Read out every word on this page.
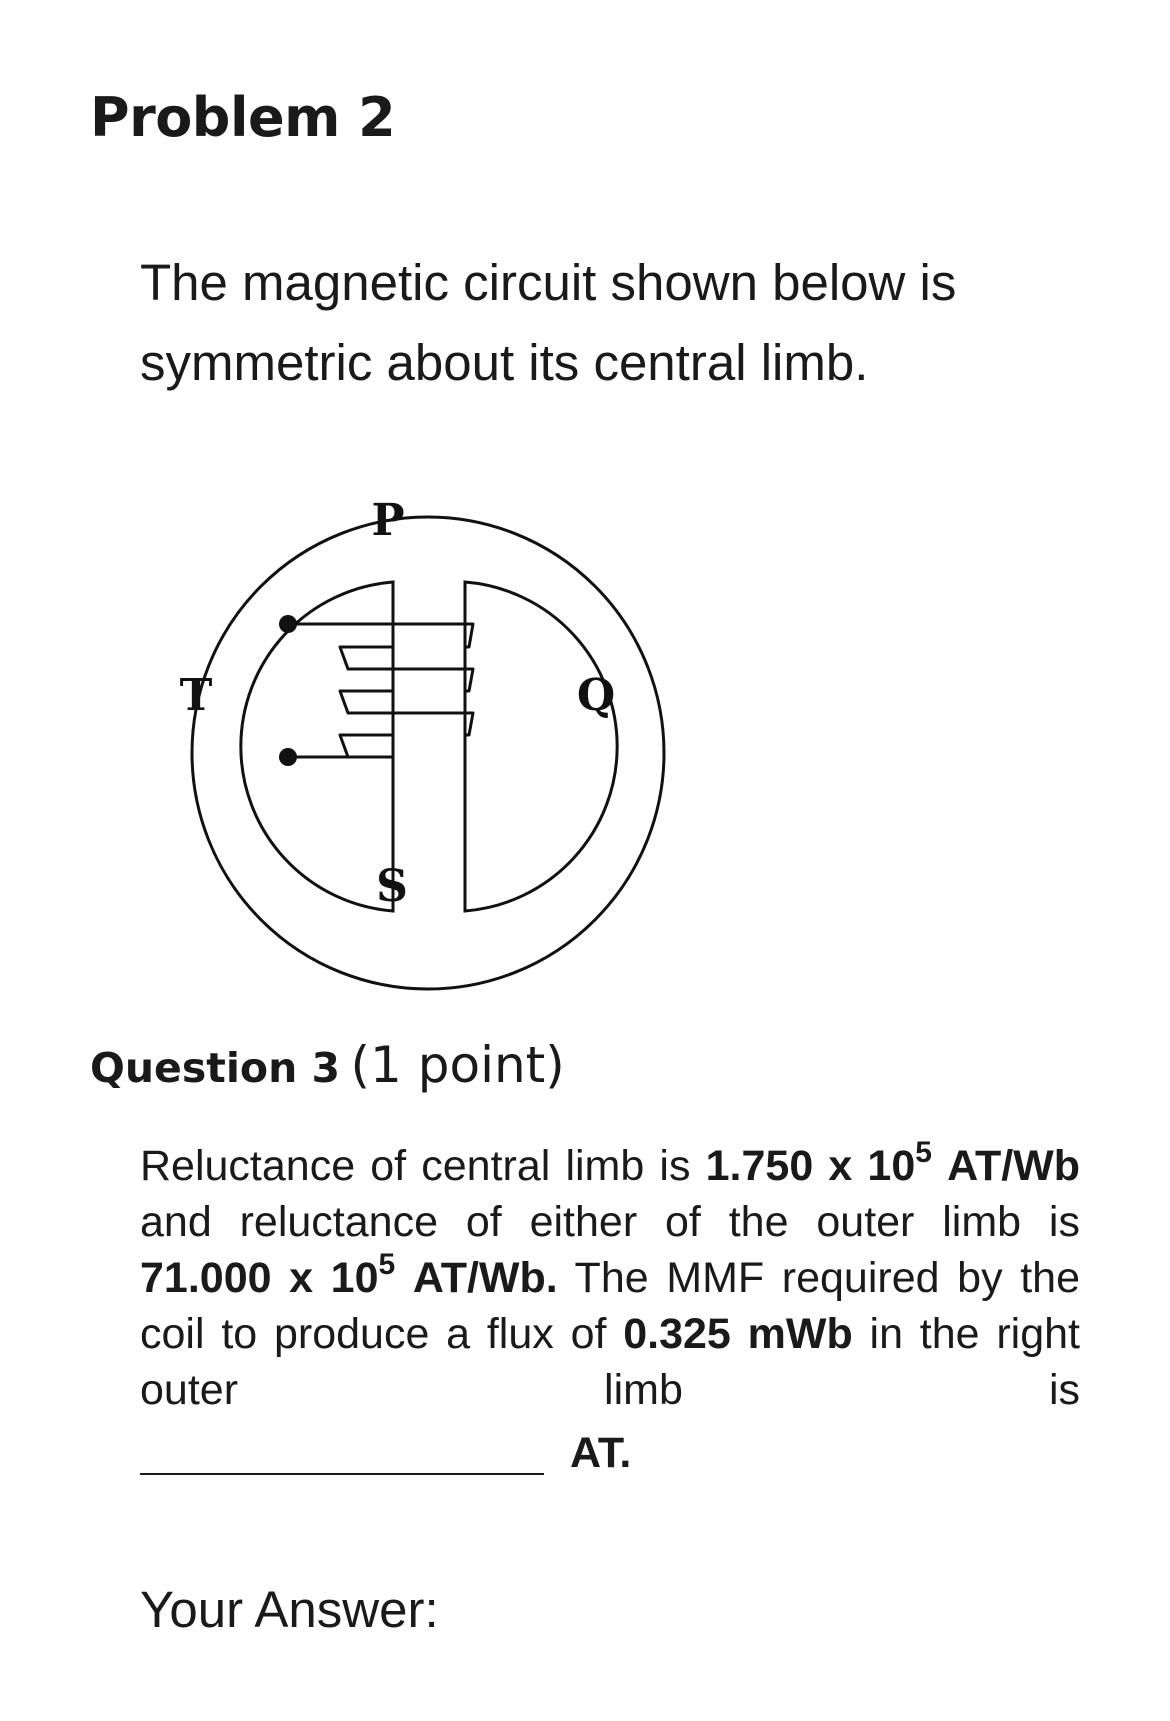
Problem 2

The magnetic circuit shown below is symmetric about its central limb.

P
Q
S
T

Question 3 (1 point)

Reluctance of central limb is 1.750 x $10^5$ AT/Wb and reluctance of either of the outer limb is 71.000 x $10^5$ AT/Wb. The MMF required by the coil to produce a flux of 0.325 mWb in the right outer limb is

AT.

Your Answer:
